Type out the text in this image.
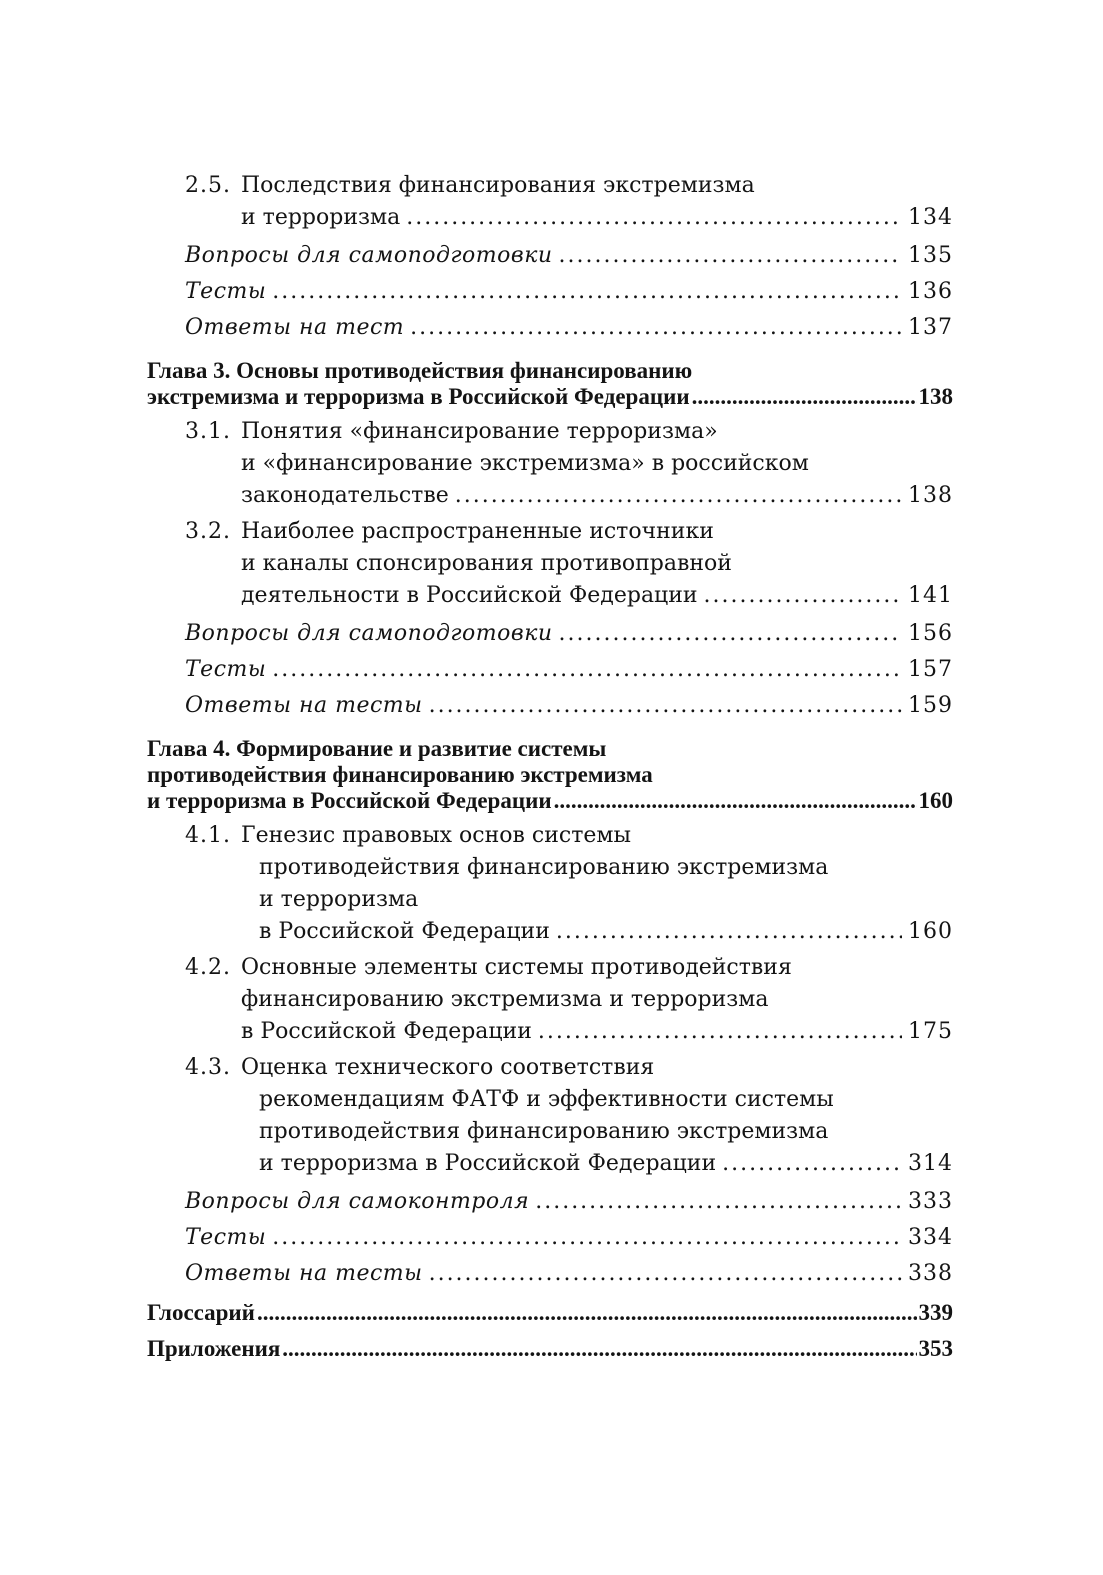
2.5. Последствия финансирования экстремизма
и терроризма .....	134
Вопросы для самоподготовки .....	135
Тесты .....	136
Ответы на тест .....	137
Глава 3. Основы противодействия финансированию
экстремизма и терроризма в Российской Федерации .....	138
3.1. Понятия «финансирование терроризма»
и «финансирование экстремизма» в российском
законодательстве .....	138
3.2. Наиболее распространенные источники
и каналы спонсирования противоправной
деятельности в Российской Федерации .....	141
Вопросы для самоподготовки .....	156
Тесты .....	157
Ответы на тесты .....	159
Глава 4. Формирование и развитие системы
противодействия финансированию экстремизма
и терроризма в Российской Федерации .....	160
4.1. Генезис правовых основ системы
противодействия финансированию экстремизма
и терроризма
в Российской Федерации .....	160
4.2. Основные элементы системы противодействия
финансированию экстремизма и терроризма
в Российской Федерации .....	175
4.3. Оценка технического соответствия
рекомендациям ФАТФ и эффективности системы
противодействия финансированию экстремизма
и терроризма в Российской Федерации .....	314
Вопросы для самоконтроля .....	333
Тесты .....	334
Ответы на тесты .....	338
Глоссарий .....	339
Приложения .....	353
